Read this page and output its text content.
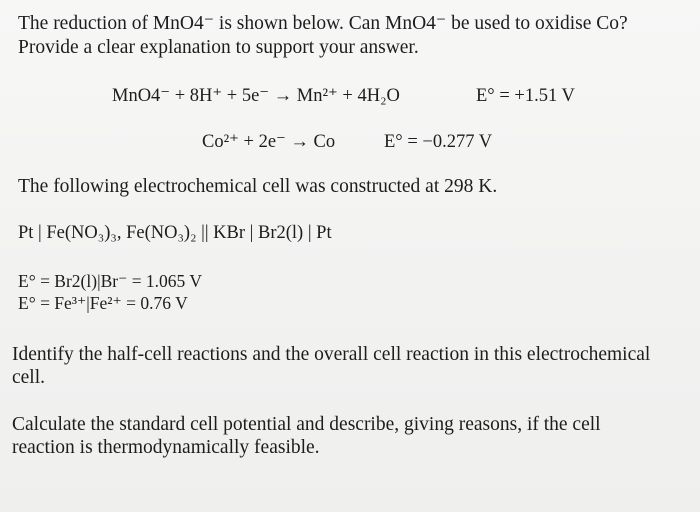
The reduction of MnO4⁻ is shown below. Can MnO4⁻ be used to oxidise Co?
Provide a clear explanation to support your answer.
MnO4⁻ + 8H⁺ + 5e⁻ → Mn²⁺ + 4H₂O	E° = +1.51 V
Co²⁺ + 2e⁻ → Co	E° = −0.277 V
The following electrochemical cell was constructed at 298 K.
Pt | Fe(NO₃)₃, Fe(NO₃)₂ || KBr | Br2(l) | Pt
E° = Br2(l)|Br⁻ = 1.065 V
E° = Fe³⁺|Fe²⁺ = 0.76 V
Identify the half-cell reactions and the overall cell reaction in this electrochemical
cell.
Calculate the standard cell potential and describe, giving reasons, if the cell
reaction is thermodynamically feasible.
